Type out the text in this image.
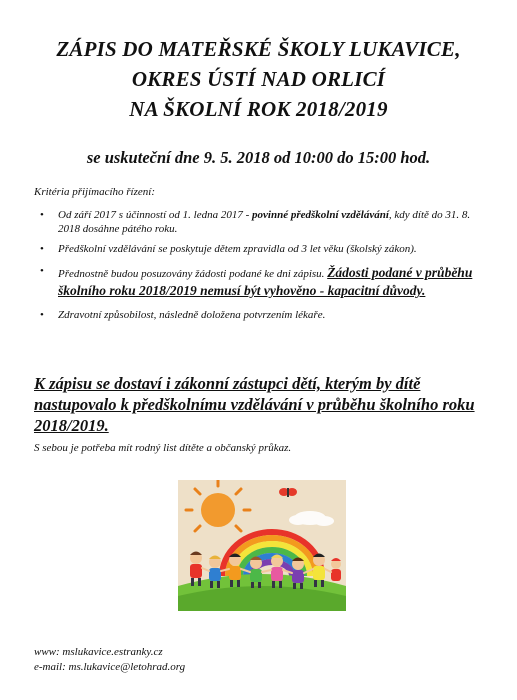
ZÁPIS DO MATEŘSKÉ ŠKOLY LUKAVICE,
OKRES ÚSTÍ NAD ORLICÍ
NA ŠKOLNÍ ROK 2018/2019
se uskuteční dne 9. 5. 2018 od 10:00 do 15:00 hod.
Kritéria přijímacího řízení:
• Od září 2017 s účinností od 1. ledna 2017 - povinné předškolní vzdělávání, kdy dítě do 31. 8. 2018 dosáhne pátého roku.
• Předškolní vzdělávání se poskytuje dětem zpravidla od 3 let věku (školský zákon).
• Přednostně budou posuzovány žádosti podané ke dni zápisu. Žádosti podané v průběhu školního roku 2018/2019 nemusí být vyhověno - kapacitní důvody.
• Zdravotní způsobilost, následně doložena potvrzením lékaře.
K zápisu se dostaví i zákonní zástupci dětí, kterým by dítě nastupovalo k předškolnímu vzdělávání v průběhu školního roku 2018/2019.
S sebou je potřeba mít rodný list dítěte a občanský průkaz.
www: mslukavice.estranky.cz
e-mail: ms.lukavice@letohrad.org
